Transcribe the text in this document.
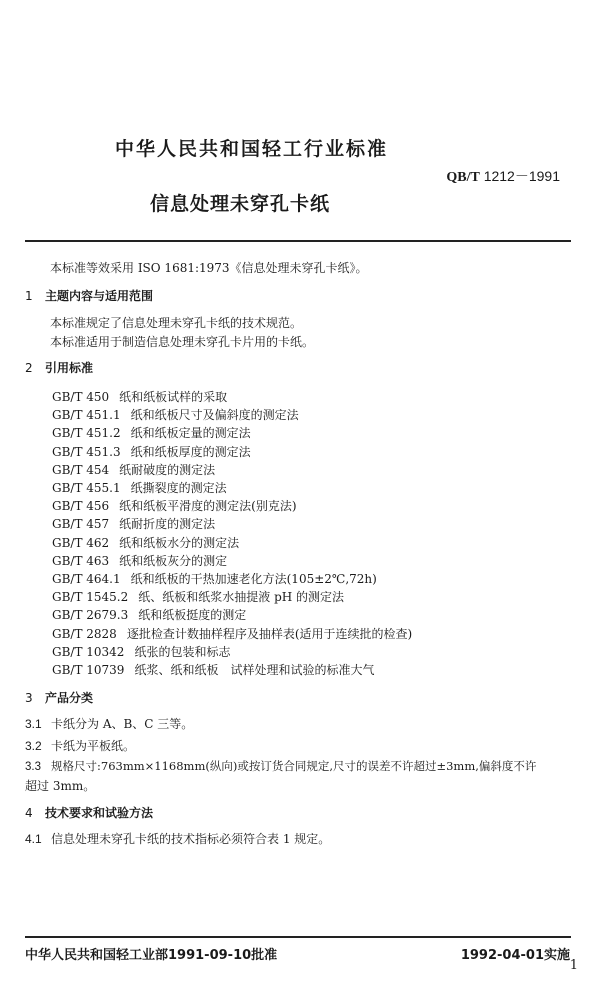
中华人民共和国轻工行业标准
QB/T 1212－1991
信息处理未穿孔卡纸
本标准等效采用 ISO 1681:1973《信息处理未穿孔卡纸》。
1 主题内容与适用范围
本标准规定了信息处理未穿孔卡纸的技术规范。
本标准适用于制造信息处理未穿孔卡片用的卡纸。
2 引用标准
GB/T 450 纸和纸板试样的采取
GB/T 451.1 纸和纸板尺寸及偏斜度的测定法
GB/T 451.2 纸和纸板定量的测定法
GB/T 451.3 纸和纸板厚度的测定法
GB/T 454 纸耐破度的测定法
GB/T 455.1 纸撕裂度的测定法
GB/T 456 纸和纸板平滑度的测定法(别克法)
GB/T 457 纸耐折度的测定法
GB/T 462 纸和纸板水分的测定法
GB/T 463 纸和纸板灰分的测定
GB/T 464.1 纸和纸板的干热加速老化方法(105±2℃,72h)
GB/T 1545.2 纸、纸板和纸浆水抽提液 pH 的测定法
GB/T 2679.3 纸和纸板挺度的测定
GB/T 2828 逐批检查计数抽样程序及抽样表(适用于连续批的检查)
GB/T 10342 纸张的包装和标志
GB/T 10739 纸浆、纸和纸板　试样处理和试验的标准大气
3 产品分类
3.1 卡纸分为 A、B、C 三等。
3.2 卡纸为平板纸。
3.3 规格尺寸:763mm×1168mm(纵向)或按订货合同规定,尺寸的误差不许超过±3mm,偏斜度不许
超过 3mm。
4 技术要求和试验方法
4.1 信息处理未穿孔卡纸的技术指标必须符合表 1 规定。
中华人民共和国轻工业部1991-09-10批准	1992-04-01实施
1
